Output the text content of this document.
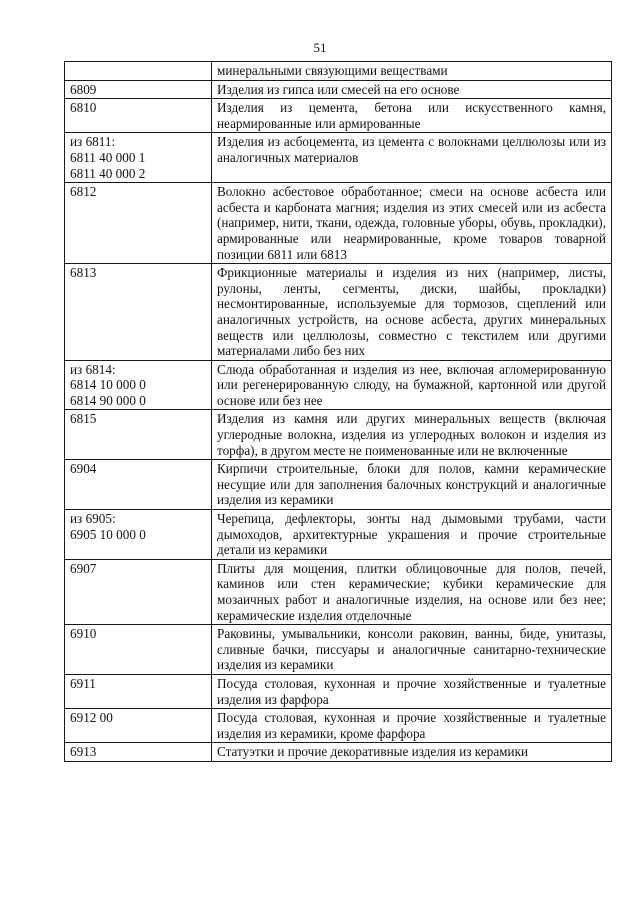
51
	минеральными связующими веществами
6809	Изделия из гипса или смесей на его основе
6810	Изделия из цемента, бетона или искусственного камня, неармированные или армированные
из 6811:
6811 40 000 1
6811 40 000 2	Изделия из асбоцемента, из цемента с волокнами целлюлозы или из аналогичных материалов
6812	Волокно асбестовое обработанное; смеси на основе асбеста или асбеста и карбоната магния; изделия из этих смесей или из асбеста (например, нити, ткани, одежда, головные уборы, обувь, прокладки), армированные или неармированные, кроме товаров товарной позиции 6811 или 6813
6813	Фрикционные материалы и изделия из них (например, листы, рулоны, ленты, сегменты, диски, шайбы, прокладки) несмонтированные, используемые для тормозов, сцеплений или аналогичных устройств, на основе асбеста, других минеральных веществ или целлюлозы, совместно с текстилем или другими материалами либо без них
из 6814:
6814 10 000 0
6814 90 000 0	Слюда обработанная и изделия из нее, включая агломерированную или регенерированную слюду, на бумажной, картонной или другой основе или без нее
6815	Изделия из камня или других минеральных веществ (включая углеродные волокна, изделия из углеродных волокон и изделия из торфа), в другом месте не поименованные или не включенные
6904	Кирпичи строительные, блоки для полов, камни керамические несущие или для заполнения балочных конструкций и аналогичные изделия из керамики
из 6905:
6905 10 000 0	Черепица, дефлекторы, зонты над дымовыми трубами, части дымоходов, архитектурные украшения и прочие строительные детали из керамики
6907	Плиты для мощения, плитки облицовочные для полов, печей, каминов или стен керамические; кубики керамические для мозаичных работ и аналогичные изделия, на основе или без нее; керамические изделия отделочные
6910	Раковины, умывальники, консоли раковин, ванны, биде, унитазы, сливные бачки, писсуары и аналогичные санитарно-технические изделия из керамики
6911	Посуда столовая, кухонная и прочие хозяйственные и туалетные изделия из фарфора
6912 00	Посуда столовая, кухонная и прочие хозяйственные и туалетные изделия из керамики, кроме фарфора
6913	Статуэтки и прочие декоративные изделия из керамики
